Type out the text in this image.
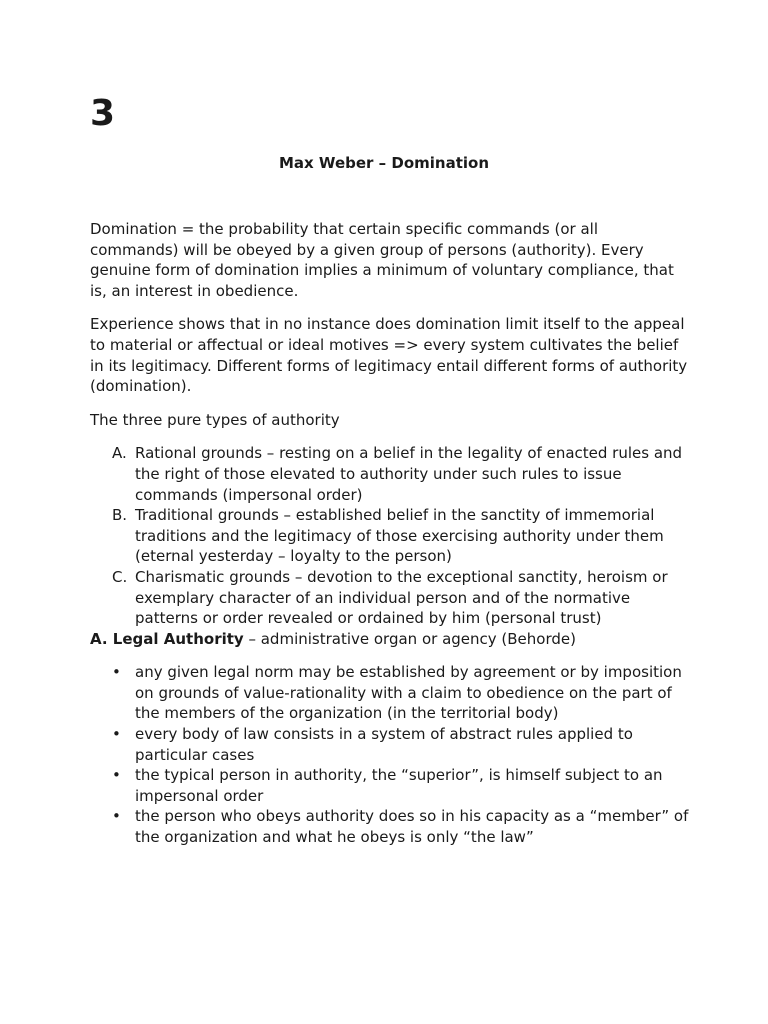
3
Max Weber – Domination

Domination = the probability that certain specific commands (or all commands) will be obeyed by a given group of persons (authority). Every genuine form of domination implies a minimum of voluntary compliance, that is, an interest in obedience.

Experience shows that in no instance does domination limit itself to the appeal to material or affectual or ideal motives => every system cultivates the belief in its legitimacy. Different forms of legitimacy entail different forms of authority (domination).

The three pure types of authority

A. Rational grounds – resting on a belief in the legality of enacted rules and the right of those elevated to authority under such rules to issue commands (impersonal order)
B. Traditional grounds – established belief in the sanctity of immemorial traditions and the legitimacy of those exercising authority under them (eternal yesterday – loyalty to the person)
C. Charismatic grounds – devotion to the exceptional sanctity, heroism or exemplary character of an individual person and of the normative patterns or order revealed or ordained by him (personal trust)

A. Legal Authority – administrative organ or agency (Behorde)

• any given legal norm may be established by agreement or by imposition on grounds of value-rationality with a claim to obedience on the part of the members of the organization (in the territorial body)
• every body of law consists in a system of abstract rules applied to particular cases
• the typical person in authority, the “superior”, is himself subject to an impersonal order
• the person who obeys authority does so in his capacity as a “member” of the organization and what he obeys is only “the law”
